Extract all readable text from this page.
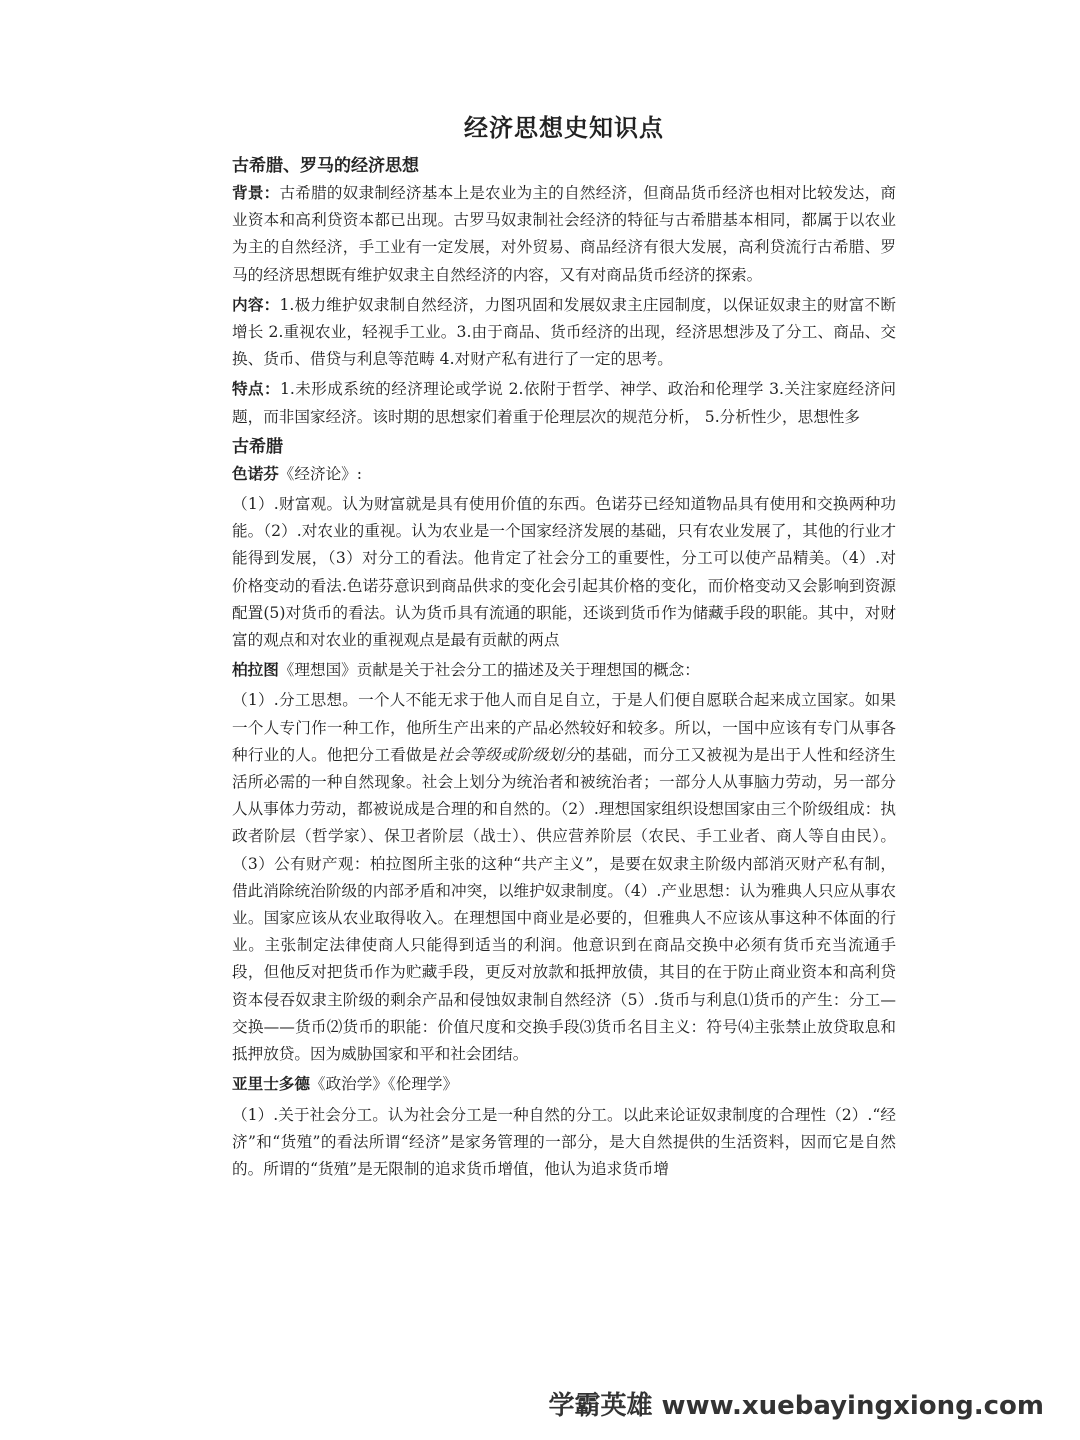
经济思想史知识点
古希腊、罗马的经济思想

背景：古希腊的奴隶制经济基本上是农业为主的自然经济，但商品货币经济也相对比较发达，商业资本和高利贷资本都已出现。古罗马奴隶制社会经济的特征与古希腊基本相同，都属于以农业为主的自然经济，手工业有一定发展，对外贸易、商品经济有很大发展，高利贷流行古希腊、罗马的经济思想既有维护奴隶主自然经济的内容，又有对商品货币经济的探索。

内容：1.极力维护奴隶制自然经济，力图巩固和发展奴隶主庄园制度，以保证奴隶主的财富不断增长 2.重视农业，轻视手工业。3.由于商品、货币经济的出现，经济思想涉及了分工、商品、交换、货币、借贷与利息等范畴 4.对财产私有进行了一定的思考。

特点：1.未形成系统的经济理论或学说 2.依附于哲学、神学、政治和伦理学 3.关注家庭经济问题，而非国家经济。该时期的思想家们着重于伦理层次的规范分析， 5.分析性少，思想性多

古希腊

色诺芬《经济论》:

（1）.财富观。认为财富就是具有使用价值的东西。色诺芬已经知道物品具有使用和交换两种功能。（2）.对农业的重视。认为农业是一个国家经济发展的基础，只有农业发展了，其他的行业才能得到发展，（3）对分工的看法。他肯定了社会分工的重要性，分工可以使产品精美。（4）.对价格变动的看法.色诺芬意识到商品供求的变化会引起其价格的变化，而价格变动又会影响到资源配置(5)对货币的看法。认为货币具有流通的职能，还谈到货币作为储藏手段的职能。其中，对财富的观点和对农业的重视观点是最有贡献的两点

柏拉图《理想国》贡献是关于社会分工的描述及关于理想国的概念：

（1）.分工思想。一个人不能无求于他人而自足自立，于是人们便自愿联合起来成立国家。如果一个人专门作一种工作，他所生产出来的产品必然较好和较多。所以，一国中应该有专门从事各种行业的人。他把分工看做是社会等级或阶级划分的基础，而分工又被视为是出于人性和经济生活所必需的一种自然现象。社会上划分为统治者和被统治者；一部分人从事脑力劳动，另一部分人从事体力劳动，都被说成是合理的和自然的。（2）.理想国家组织设想国家由三个阶级组成：执政者阶层（哲学家）、保卫者阶层（战士）、供应营养阶层（农民、手工业者、商人等自由民）。（3）公有财产观：柏拉图所主张的这种“共产主义”，是要在奴隶主阶级内部消灭财产私有制，借此消除统治阶级的内部矛盾和冲突，以维护奴隶制度。（4）.产业思想：认为雅典人只应从事农业。国家应该从农业取得收入。在理想国中商业是必要的，但雅典人不应该从事这种不体面的行业。主张制定法律使商人只能得到适当的利润。他意识到在商品交换中必须有货币充当流通手段，但他反对把货币作为贮藏手段，更反对放款和抵押放债，其目的在于防止商业资本和高利贷资本侵吞奴隶主阶级的剩余产品和侵蚀奴隶制自然经济（5）.货币与利息⑴货币的产生：分工—交换——货币⑵货币的职能：价值尺度和交换手段⑶货币名目主义：符号⑷主张禁止放贷取息和抵押放贷。因为威胁国家和平和社会团结。

亚里士多德《政治学》《伦理学》

（1）.关于社会分工。认为社会分工是一种自然的分工。以此来论证奴隶制度的合理性（2）.“经济”和“货殖”的看法所谓“经济”是家务管理的一部分，是大自然提供的生活资料，因而它是自然的。所谓的“货殖”是无限制的追求货币增值，他认为追求货币增

学霸英雄 www.xuebayingxiong.com
